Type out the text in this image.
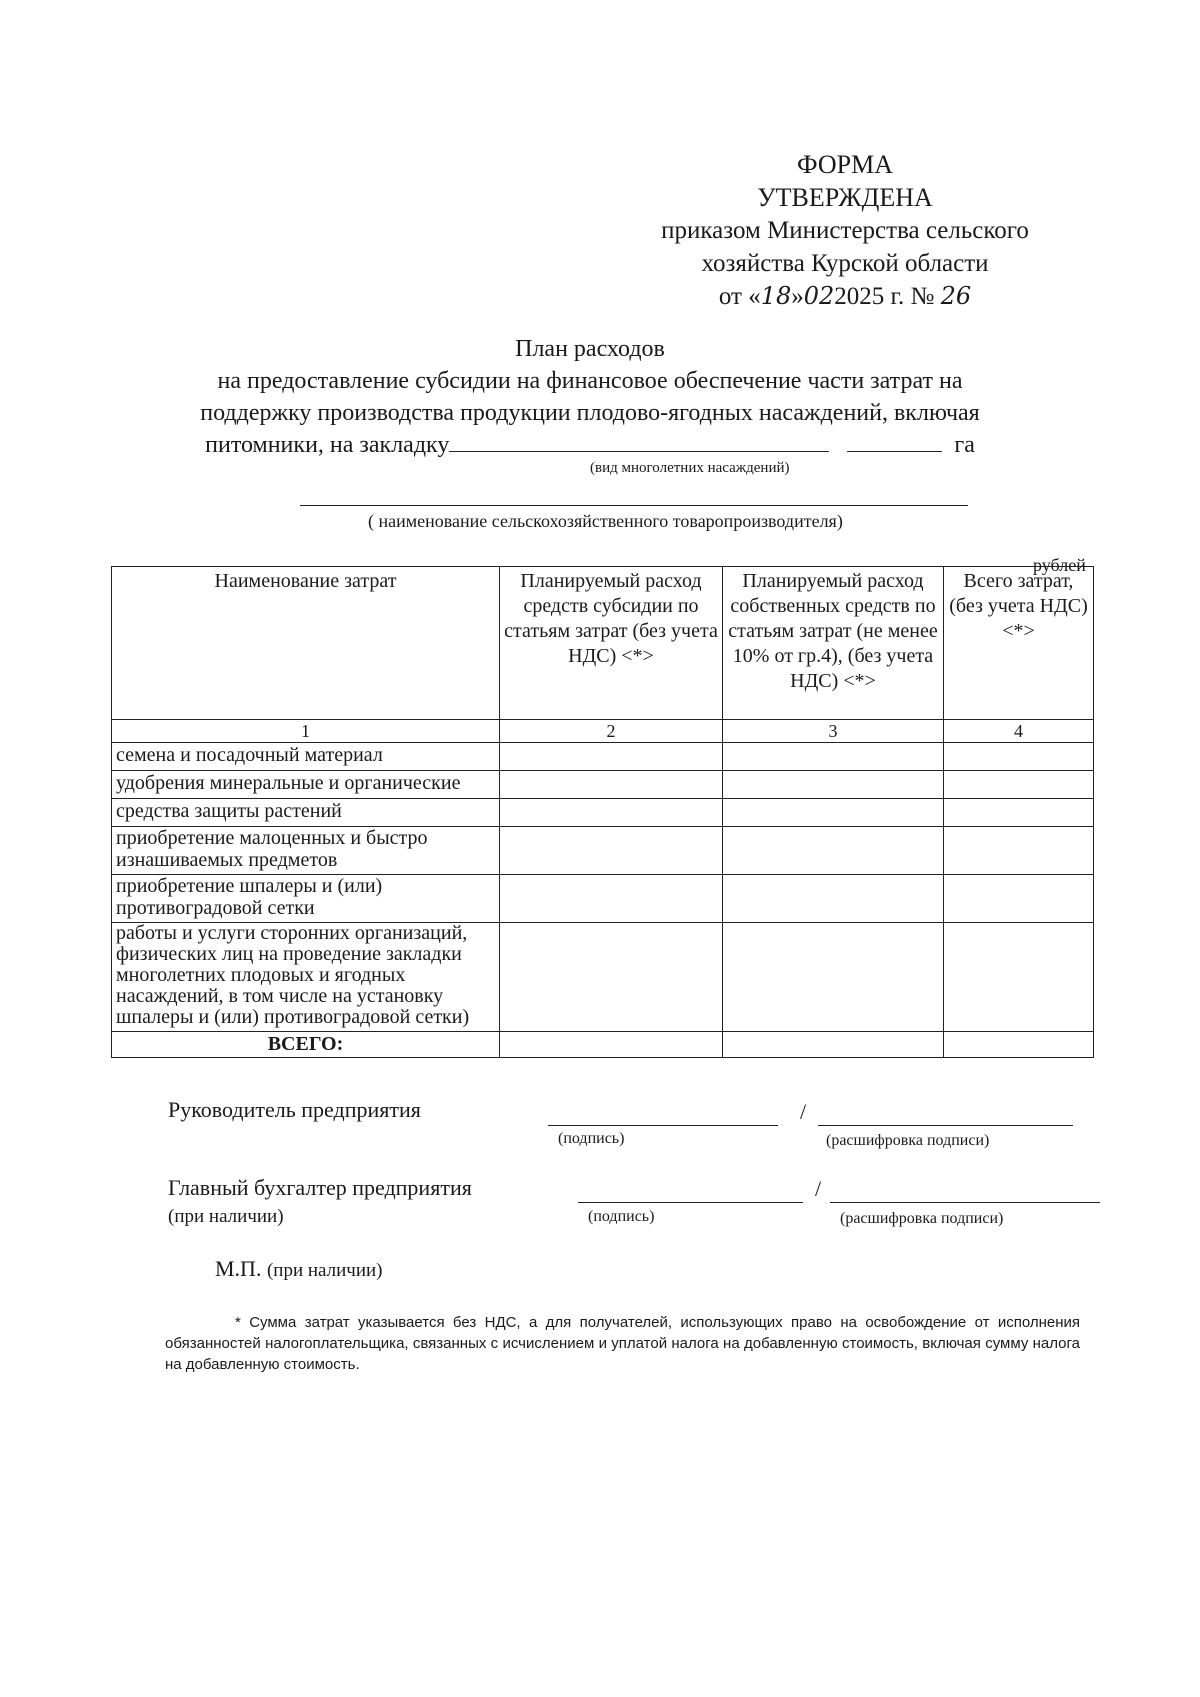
ФОРМА
УТВЕРЖДЕНА
приказом Министерства сельского
хозяйства Курской области
от «18»022025 г. № 26
План расходов
на предоставление субсидии на финансовое обеспечение части затрат на
поддержку производства продукции плодово-ягодных насаждений, включая
питомники, на закладку	га
(вид многолетних насаждений)
( наименование сельскохозяйственного товаропроизводителя)
рублей
Наименование затрат	Планируемый расход средств субсидии по статьям затрат (без учета НДС) <*>	Планируемый расход собственных средств по статьям затрат (не менее 10% от гр.4), (без учета НДС) <*>	Всего затрат, (без учета НДС) <*>
1	2	3	4
семена и посадочный материал			
удобрения минеральные и органические			
средства защиты растений			
приобретение малоценных и быстро изнашиваемых предметов			
приобретение шпалеры и (или) противоградовой сетки			
работы и услуги сторонних организаций, физических лиц на проведение закладки многолетних плодовых и ягодных насаждений, в том числе на установку шпалеры и (или) противоградовой сетки)			
ВСЕГО:			
Руководитель предприятия	/
(подпись)	(расшифровка подписи)
Главный бухгалтер предприятия
(при наличии)
/
(подпись)	(расшифровка подписи)
М.П. (при наличии)
* Сумма затрат указывается без НДС, а для получателей, использующих право на освобождение от исполнения обязанностей налогоплательщика, связанных с исчислением и уплатой налога на добавленную стоимость, включая сумму налога на добавленную стоимость.
